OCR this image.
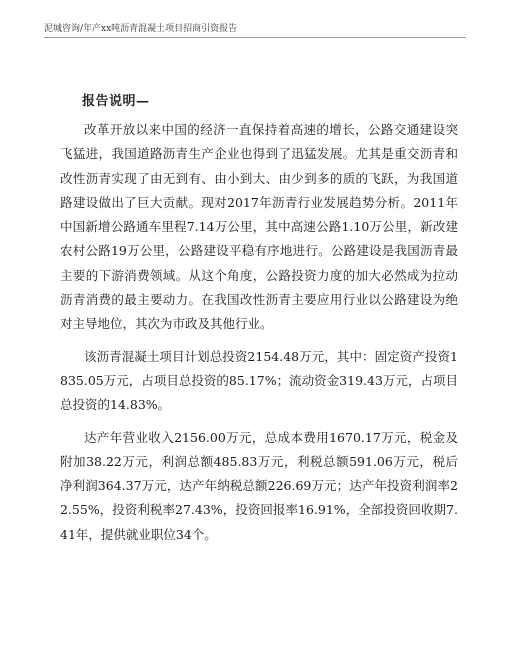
泥城咨询/年产xx吨沥青混凝土项目招商引资报告
报告说明—

改革开放以来中国的经济一直保持着高速的增长，公路交通建设突飞猛进，我国道路沥青生产企业也得到了迅猛发展。尤其是重交沥青和改性沥青实现了由无到有、由小到大、由少到多的质的飞跃，为我国道路建设做出了巨大贡献。现对2017年沥青行业发展趋势分析。2011年中国新增公路通车里程7.14万公里，其中高速公路1.10万公里，新改建农村公路19万公里，公路建设平稳有序地进行。公路建设是我国沥青最主要的下游消费领域。从这个角度，公路投资力度的加大必然成为拉动沥青消费的最主要动力。在我国改性沥青主要应用行业以公路建设为绝对主导地位，其次为市政及其他行业。

该沥青混凝土项目计划总投资2154.48万元，其中：固定资产投资1835.05万元，占项目总投资的85.17%；流动资金319.43万元，占项目总投资的14.83%。

达产年营业收入2156.00万元，总成本费用1670.17万元，税金及附加38.22万元，利润总额485.83万元，利税总额591.06万元，税后净利润364.37万元，达产年纳税总额226.69万元；达产年投资利润率22.55%，投资利税率27.43%，投资回报率16.91%，全部投资回收期7.41年，提供就业职位34个。
